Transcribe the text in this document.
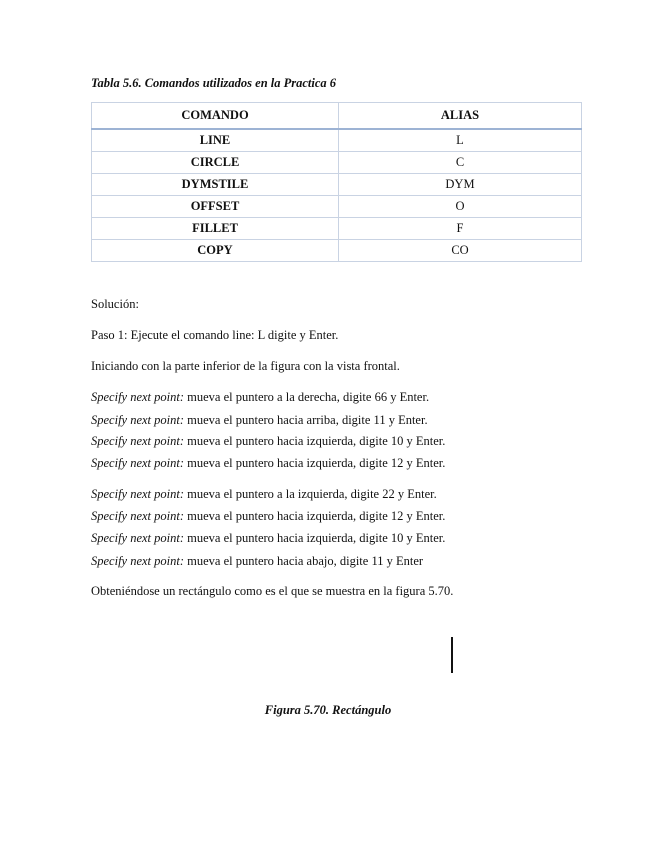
Tabla 5.6. Comandos utilizados en la Practica 6
COMANDO	ALIAS
LINE	L
CIRCLE	C
DYMSTILE	DYM
OFFSET	O
FILLET	F
COPY	CO
Solución:
Paso 1: Ejecute el comando line: L digite y Enter.
Iniciando con la parte inferior de la figura con la vista frontal.
Specify next point: mueva el puntero a la derecha, digite 66 y Enter.
Specify next point: mueva el puntero hacia arriba, digite 11 y Enter.
Specify next point: mueva el puntero hacia izquierda, digite 10 y Enter.
Specify next point: mueva el puntero hacia izquierda, digite 12 y Enter.
Specify next point: mueva el puntero a la izquierda, digite 22 y Enter.
Specify next point: mueva el puntero hacia izquierda, digite 12 y Enter.
Specify next point: mueva el puntero hacia izquierda, digite 10 y Enter.
Specify next point: mueva el puntero hacia abajo, digite 11 y Enter
Obteniéndose un rectángulo como es el que se muestra en la figura 5.70.
Figura 5.70. Rectángulo
